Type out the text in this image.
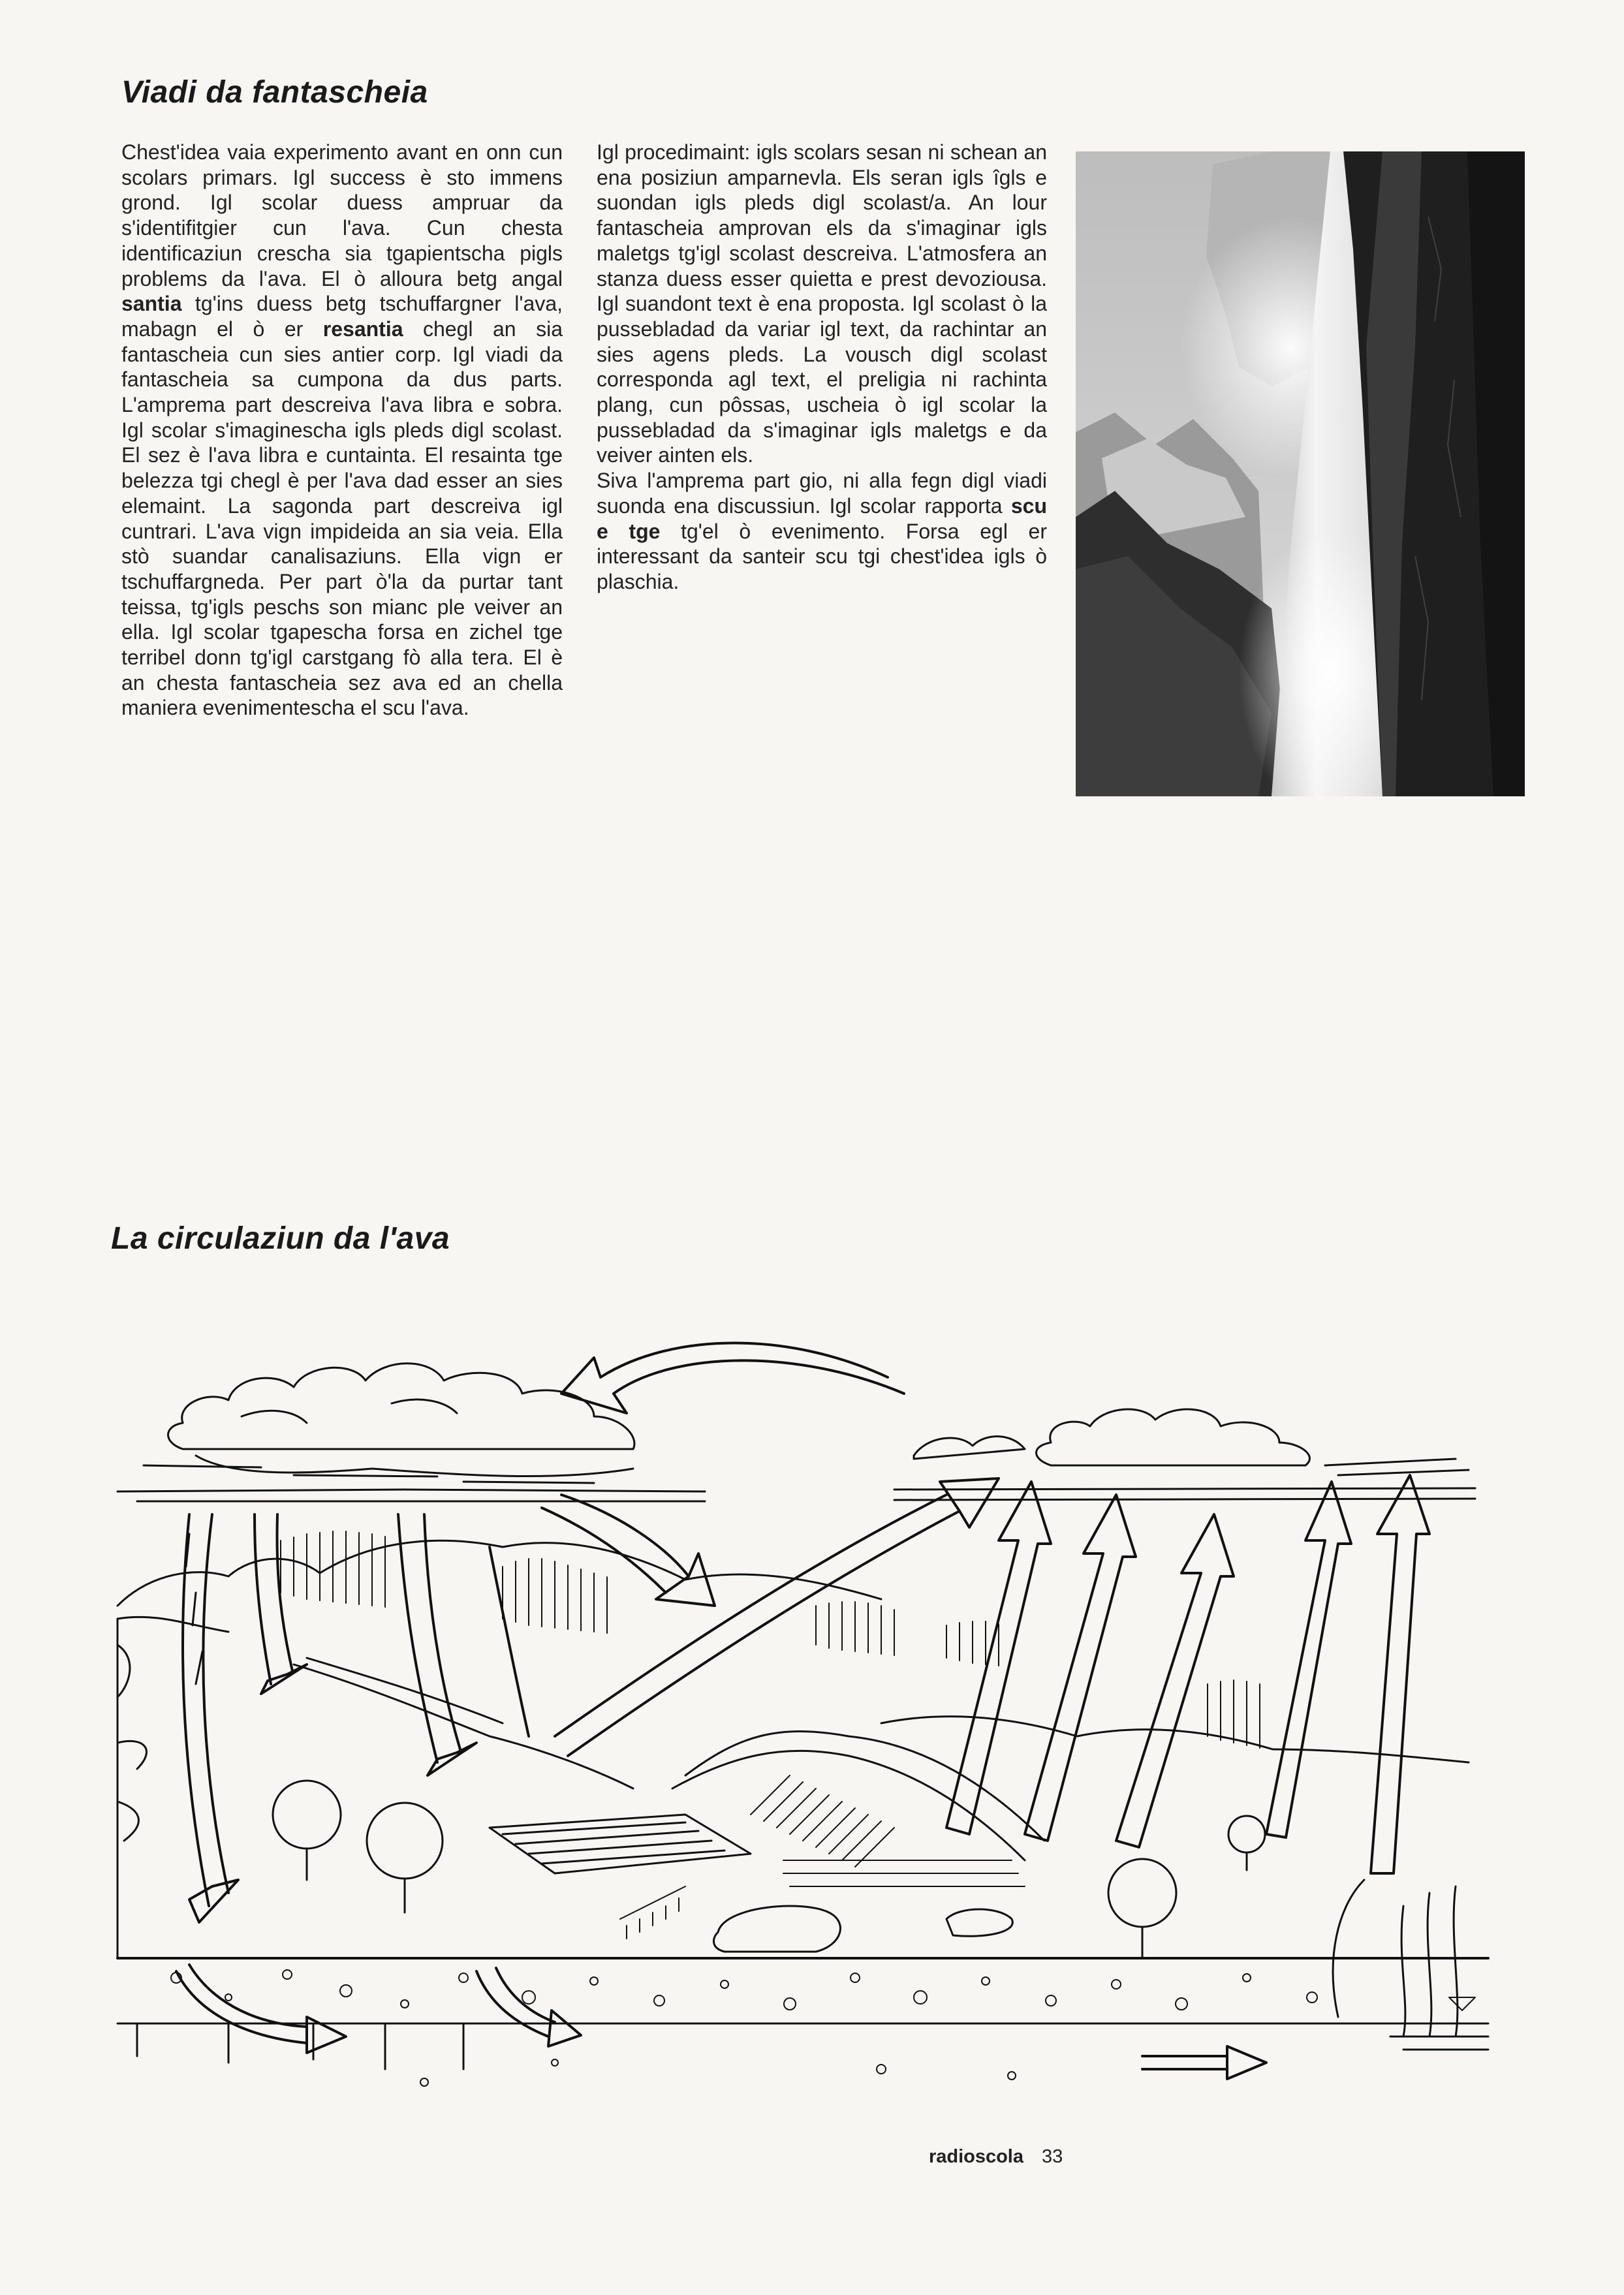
Viadi da fantascheia

Chest'idea vaia experimento avant en onn cun scolars primars. Igl success è sto immens grond. Igl scolar duess ampruar da s'identifitgier cun l'ava. Cun chesta identificaziun crescha sia tgapientscha pigls problems da l'ava. El ò alloura betg angal santia tg'ins duess betg tschuffargner l'ava, mabagn el ò er resantia chegl an sia fantascheia cun sies antier corp. Igl viadi da fantascheia sa cumpona da dus parts. L'amprema part descreiva l'ava libra e sobra. Igl scolar s'imaginescha igls pleds digl scolast. El sez è l'ava libra e cuntainta. El resainta tge belezza tgi chegl è per l'ava dad esser an sies elemaint. La sagonda part descreiva igl cuntrari. L'ava vign impideida an sia veia. Ella stò suandar canalisaziuns. Ella vign er tschuffargneda. Per part ò'la da purtar tant teissa, tg'igls peschs son mianc ple veiver an ella. Igl scolar tgapescha forsa en zichel tge terribel donn tg'igl carstgang fò alla tera. El è an chesta fantascheia sez ava ed an chella maniera evenimentescha el scu l'ava.

Igl procedimaint: igls scolars sesan ni schean an ena posiziun amparnevla. Els seran igls îgls e suondan igls pleds digl scolast/a. An lour fantascheia amprovan els da s'imaginar igls maletgs tg'igl scolast descreiva. L'atmosfera an stanza duess esser quietta e prest devoziousa. Igl suandont text è ena proposta. Igl scolast ò la pussebladad da variar igl text, da rachintar an sies agens pleds. La vousch digl scolast corresponda agl text, el preligia ni rachinta plang, cun pôssas, uscheia ò igl scolar la pussebladad da s'imaginar igls maletgs e da veiver ainten els.

Siva l'amprema part gio, ni alla fegn digl viadi suonda ena discussiun. Igl scolar rapporta scu e tge tg'el ò evenimento. Forsa egl er interessant da santeir scu tgi chest'idea igls ò plaschia.

La circulaziun da l'ava
radioscola 33
